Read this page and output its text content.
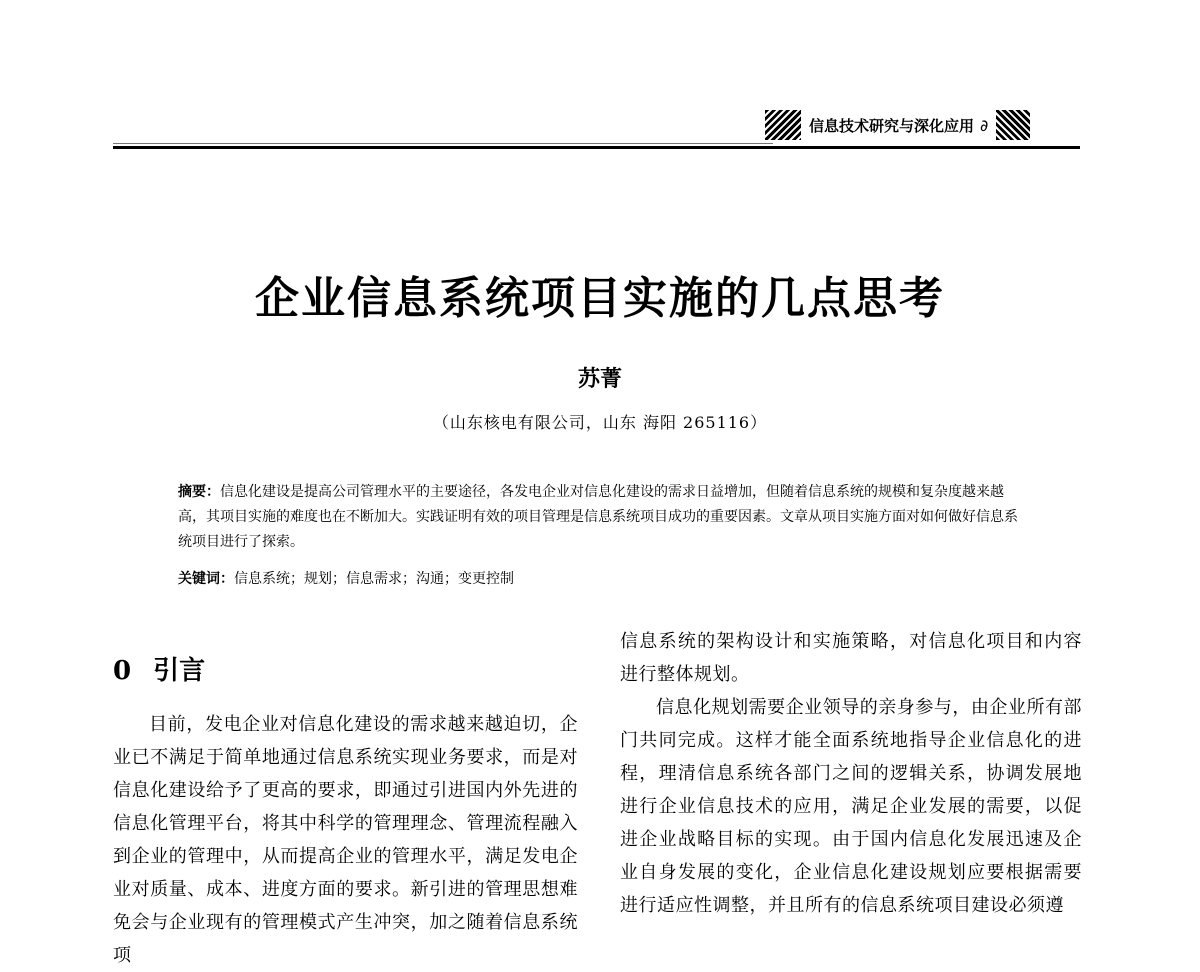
信息技术研究与深化应用 ∂
企业信息系统项目实施的几点思考
苏菁
（山东核电有限公司，山东 海阳 265116）
摘要：信息化建设是提高公司管理水平的主要途径，各发电企业对信息化建设的需求日益增加，但随着信息系统的规模和复杂度越来越高，其项目实施的难度也在不断加大。实践证明有效的项目管理是信息系统项目成功的重要因素。文章从项目实施方面对如何做好信息系统项目进行了探索。
关键词：信息系统；规划；信息需求；沟通；变更控制
0 引言

目前，发电企业对信息化建设的需求越来越迫切，企业已不满足于简单地通过信息系统实现业务要求，而是对信息化建设给予了更高的要求，即通过引进国内外先进的信息化管理平台，将其中科学的管理理念、管理流程融入到企业的管理中，从而提高企业的管理水平，满足发电企业对质量、成本、进度方面的要求。新引进的管理思想难免会与企业现有的管理模式产生冲突，加之随着信息系统项

信息系统的架构设计和实施策略，对信息化项目和内容进行整体规划。

信息化规划需要企业领导的亲身参与，由企业所有部门共同完成。这样才能全面系统地指导企业信息化的进程，理清信息系统各部门之间的逻辑关系，协调发展地进行企业信息技术的应用，满足企业发展的需要，以促进企业战略目标的实现。由于国内信息化发展迅速及企业自身发展的变化，企业信息化建设规划应要根据需要进行适应性调整，并且所有的信息系统项目建设必须遵
